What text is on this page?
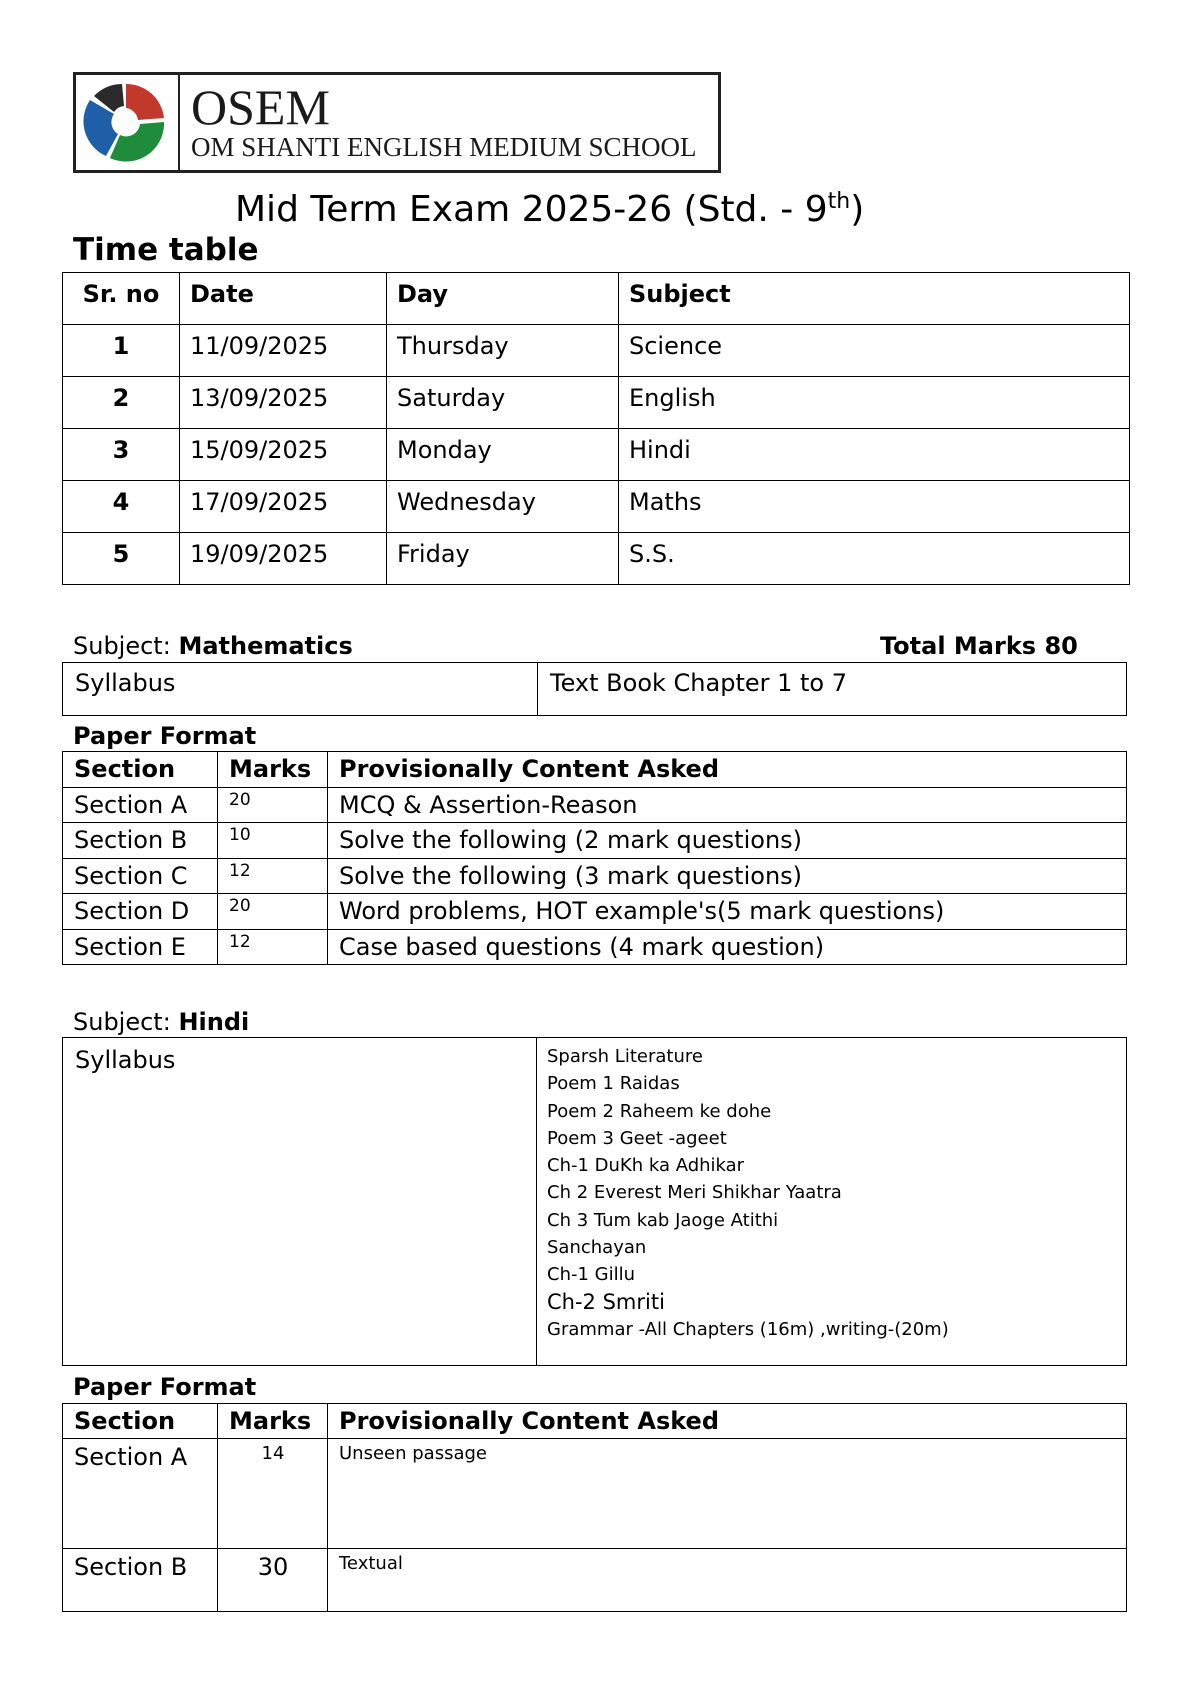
OSEM
OM SHANTI ENGLISH MEDIUM SCHOOL
Mid Term Exam 2025-26 (Std. - 9th)
Time table
Sr. no	Date	Day	Subject
1	11/09/2025	Thursday	Science
2	13/09/2025	Saturday	English
3	15/09/2025	Monday	Hindi
4	17/09/2025	Wednesday	Maths
5	19/09/2025	Friday	S.S.
Subject: Mathematics	Total Marks 80
Syllabus	Text Book Chapter 1 to 7
Paper Format
Section	Marks	Provisionally Content Asked
Section A	20	MCQ & Assertion-Reason
Section B	10	Solve the following (2 mark questions)
Section C	12	Solve the following (3 mark questions)
Section D	20	Word problems, HOT example's(5 mark questions)
Section E	12	Case based questions (4 mark question)
Subject: Hindi
Syllabus	Sparsh Literature
Poem 1 Raidas
Poem 2 Raheem ke dohe
Poem 3 Geet -ageet
Ch-1 DuKh ka Adhikar
Ch 2 Everest Meri Shikhar Yaatra
Ch 3 Tum kab Jaoge Atithi
Sanchayan
Ch-1 Gillu
Ch-2 Smriti
Grammar -All Chapters (16m) ,writing-(20m)
Paper Format
Section	Marks	Provisionally Content Asked
Section A	14	Unseen passage
Section B	30	Textual
